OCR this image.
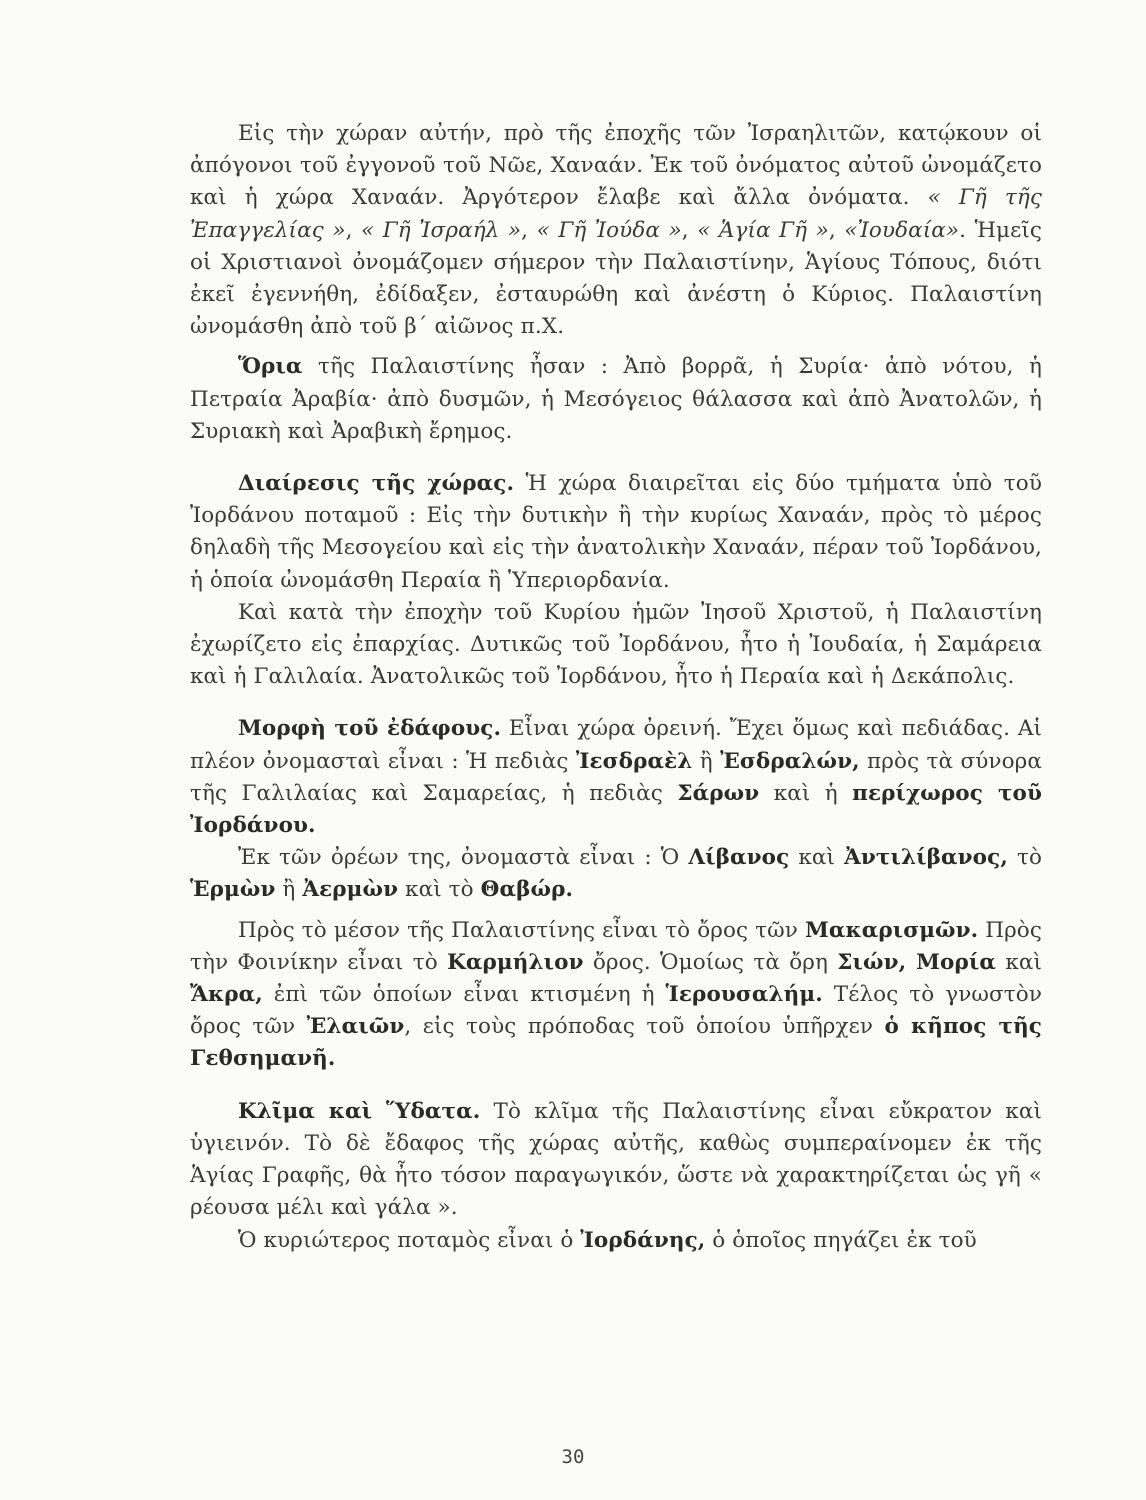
Εἰς τὴν χώραν αὐτήν, πρὸ τῆς ἐποχῆς τῶν Ἰσραηλιτῶν, κατῴκουν οἱ ἀπόγονοι τοῦ ἐγγονοῦ τοῦ Νῶε, Χαναάν. Ἐκ τοῦ ὀνόματος αὐτοῦ ὠνομάζετο καὶ ἡ χώρα Χαναάν. Ἀργότερον ἔλαβε καὶ ἄλλα ὀνόματα. « Γῆ τῆς Ἐπαγγελίας », « Γῆ Ἰσραήλ », « Γῆ Ἰούδα », « Ἁγία Γῆ », «Ἰουδαία». Ἡμεῖς οἱ Χριστιανοὶ ὀνομάζομεν σήμερον τὴν Παλαιστίνην, Ἁγίους Τόπους, διότι ἐκεῖ ἐγεννήθη, ἐδίδαξεν, ἐσταυρώθη καὶ ἀνέστη ὁ Κύριος. Παλαιστίνη ὠνομάσθη ἀπὸ τοῦ β΄ αἰῶνος π.Χ.

Ὅρια τῆς Παλαιστίνης ἦσαν : Ἀπὸ βορρᾶ, ἡ Συρία· ἀπὸ νότου, ἡ Πετραία Ἀραβία· ἀπὸ δυσμῶν, ἡ Μεσόγειος θάλασσα καὶ ἀπὸ Ἀνατολῶν, ἡ Συριακὴ καὶ Ἀραβικὴ ἔρημος.

Διαίρεσις τῆς χώρας. Ἡ χώρα διαιρεῖται εἰς δύο τμήματα ὑπὸ τοῦ Ἰορδάνου ποταμοῦ : Εἰς τὴν δυτικὴν ἢ τὴν κυρίως Χαναάν, πρὸς τὸ μέρος δηλαδὴ τῆς Μεσογείου καὶ εἰς τὴν ἀνατολικὴν Χαναάν, πέραν τοῦ Ἰορδάνου, ἡ ὁποία ὠνομάσθη Περαία ἢ Ὑπεριορδανία.

Καὶ κατὰ τὴν ἐποχὴν τοῦ Κυρίου ἡμῶν Ἰησοῦ Χριστοῦ, ἡ Παλαιστίνη ἐχωρίζετο εἰς ἐπαρχίας. Δυτικῶς τοῦ Ἰορδάνου, ἦτο ἡ Ἰουδαία, ἡ Σαμάρεια καὶ ἡ Γαλιλαία. Ἀνατολικῶς τοῦ Ἰορδάνου, ἦτο ἡ Περαία καὶ ἡ Δεκάπολις.

Μορφὴ τοῦ ἐδάφους. Εἶναι χώρα ὀρεινή. Ἔχει ὅμως καὶ πεδιάδας. Αἱ πλέον ὀνομασταὶ εἶναι : Ἡ πεδιὰς Ἰεσδραὲλ ἢ Ἐσδραλών, πρὸς τὰ σύνορα τῆς Γαλιλαίας καὶ Σαμαρείας, ἡ πεδιὰς Σάρων καὶ ἡ περίχωρος τοῦ Ἰορδάνου.

Ἐκ τῶν ὀρέων της, ὀνομαστὰ εἶναι : Ὁ Λίβανος καὶ Ἀντιλίβανος, τὸ Ἑρμὼν ἢ Ἀερμὼν καὶ τὸ Θαβώρ.

Πρὸς τὸ μέσον τῆς Παλαιστίνης εἶναι τὸ ὄρος τῶν Μακαρισμῶν. Πρὸς τὴν Φοινίκην εἶναι τὸ Καρμήλιον ὄρος. Ὁμοίως τὰ ὄρη Σιών, Μορία καὶ Ἄκρα, ἐπὶ τῶν ὁποίων εἶναι κτισμένη ἡ Ἱερουσαλήμ. Τέλος τὸ γνωστὸν ὄρος τῶν Ἐλαιῶν, εἰς τοὺς πρόποδας τοῦ ὁποίου ὑπῆρχεν ὁ κῆπος τῆς Γεθσημανῆ.

Κλῖμα καὶ Ὕδατα. Τὸ κλῖμα τῆς Παλαιστίνης εἶναι εὔκρατον καὶ ὑγιεινόν. Τὸ δὲ ἔδαφος τῆς χώρας αὐτῆς, καθὼς συμπεραίνομεν ἐκ τῆς Ἁγίας Γραφῆς, θὰ ἦτο τόσον παραγωγικόν, ὥστε νὰ χαρακτηρίζεται ὡς γῆ « ρέουσα μέλι καὶ γάλα ».

Ὁ κυριώτερος ποταμὸς εἶναι ὁ Ἰορδάνης, ὁ ὁποῖος πηγάζει ἐκ τοῦ

30
